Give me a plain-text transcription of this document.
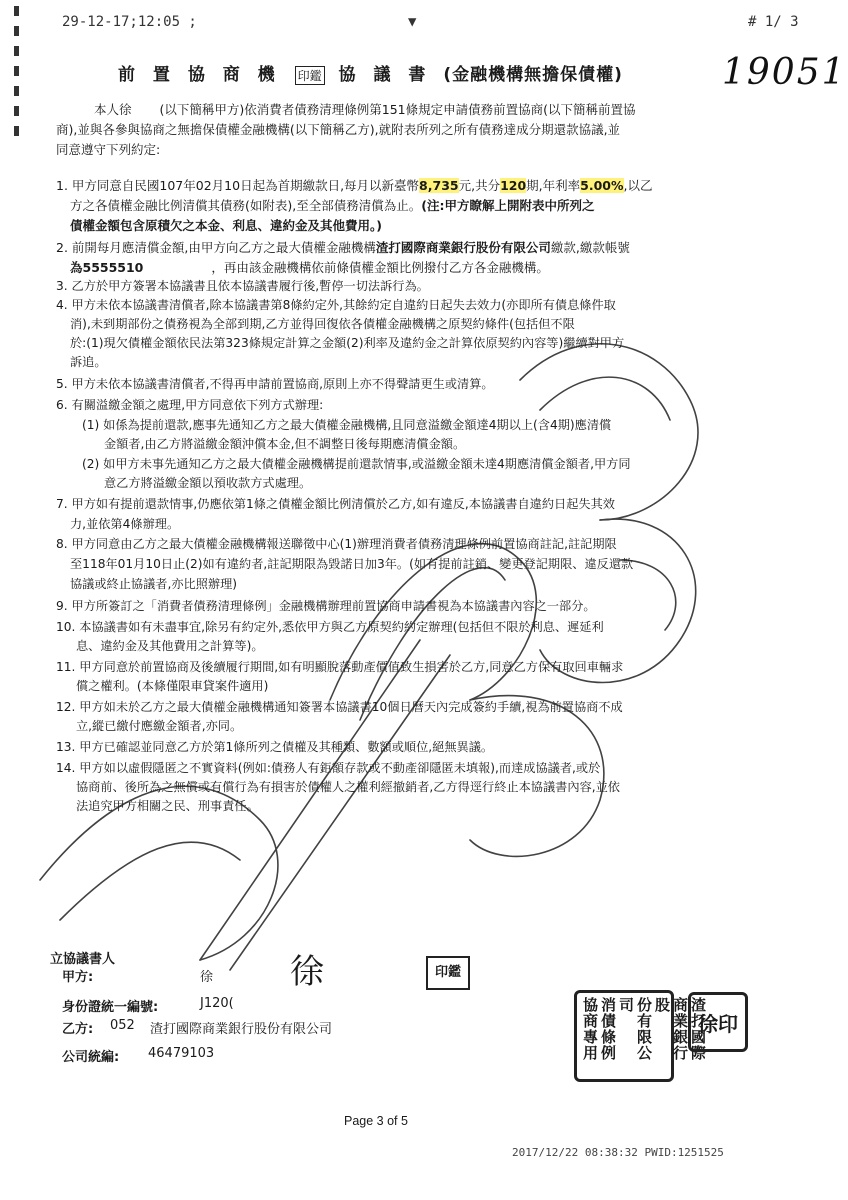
29-12-17;12:05 ;	▼	# 1/ 3
前 置 協 商 機 印鑑 協 議 書 (金融機構無擔保債權)	19051
本人徐 (以下簡稱甲方)依消費者債務清理條例第151條規定申請債務前置協商(以下簡稱前置協
商),並與各參與協商之無擔保債權金融機構(以下簡稱乙方),就附表所列之所有債務達成分期還款協議,並
同意遵守下列約定:
1. 甲方同意自民國107年02月10日起為首期繳款日,每月以新臺幣8,735元,共分120期,年利率5.00%,以乙
方之各債權金融比例清償其債務(如附表),至全部債務清償為止。(注:甲方瞭解上開附表中所列之
債權金額包含原積欠之本金、利息、違約金及其他費用。)
2. 前開每月應清償金額,由甲方向乙方之最大債權金融機構渣打國際商業銀行股份有限公司繳款,繳款帳號
為5555510	，再由該金融機構依前條債權金額比例撥付乙方各金融機構。
3. 乙方於甲方簽署本協議書且依本協議書履行後,暫停一切法訴行為。
4. 甲方未依本協議書清償者,除本協議書第8條約定外,其餘約定自違約日起失去效力(亦即所有債息條件取
消),未到期部份之債務視為全部到期,乙方並得回復依各債權金融機構之原契約條件(包括但不限
於:(1)現欠債權金額依民法第323條規定計算之金額(2)利率及違約金之計算依原契約內容等)繼續對甲方
訴追。
5. 甲方未依本協議書清償者,不得再申請前置協商,原則上亦不得聲請更生或清算。
6. 有關溢繳金額之處理,甲方同意依下列方式辦理:
(1) 如係為提前還款,應事先通知乙方之最大債權金融機構,且同意溢繳金額達4期以上(含4期)應清償
金額者,由乙方將溢繳金額沖償本金,但不調整日後每期應清償金額。
(2) 如甲方未事先通知乙方之最大債權金融機構提前還款情事,或溢繳金額未達4期應清償金額者,甲方同
意乙方將溢繳金額以預收款方式處理。
7. 甲方如有提前還款情事,仍應依第1條之債權金額比例清償於乙方,如有違反,本協議書自違約日起失其效
力,並依第4條辦理。
8. 甲方同意由乙方之最大債權金融機構報送聯徵中心(1)辦理消費者債務清理條例前置協商註記,註記期限
至118年01月10日止(2)如有違約者,註記期限為毀諾日加3年。(如有提前註銷、變更登記期限、違反還款
協議或終止協議者,亦比照辦理)
9. 甲方所簽訂之「消費者債務清理條例」金融機構辦理前置協商申請書視為本協議書內容之一部分。
10. 本協議書如有未盡事宜,除另有約定外,悉依甲方與乙方原契約約定辦理(包括但不限於利息、遲延利
息、違約金及其他費用之計算等)。
11. 甲方同意於前置協商及後續履行期間,如有明顯脫落動產價值致生損害於乙方,同意乙方保有取回車輛求
償之權利。(本條僅限車貸案件適用)
12. 甲方如未於乙方之最大債權金融機構通知簽署本協議書10個日曆天內完成簽約手續,視為前置協商不成
立,縱已繳付應繳金額者,亦同。
13. 甲方已確認並同意乙方於第1條所列之債權及其種類、數額或順位,絕無異議。
14. 甲方如以虛假隱匿之不實資料(例如:債務人有鉅額存款或不動產卻隱匿未填報),而達成協議者,或於
協商前、後所為之無償或有償行為有損害於債權人之權利經撤銷者,乙方得逕行終止本協議書內容,並依
法追究甲方相關之民、刑事責任。
立協議書人
甲方:	徐 徐	印鑑
身份證統一編號:	J120(
乙方: 052 渣打國際商業銀行股份有限公司
公司統編: 46479103	渣打國際
商業銀行股
份有限公司
消債條例
協商專用	徐印
Page 3 of 5
2017/12/22 08:38:32 PWID:1251525
